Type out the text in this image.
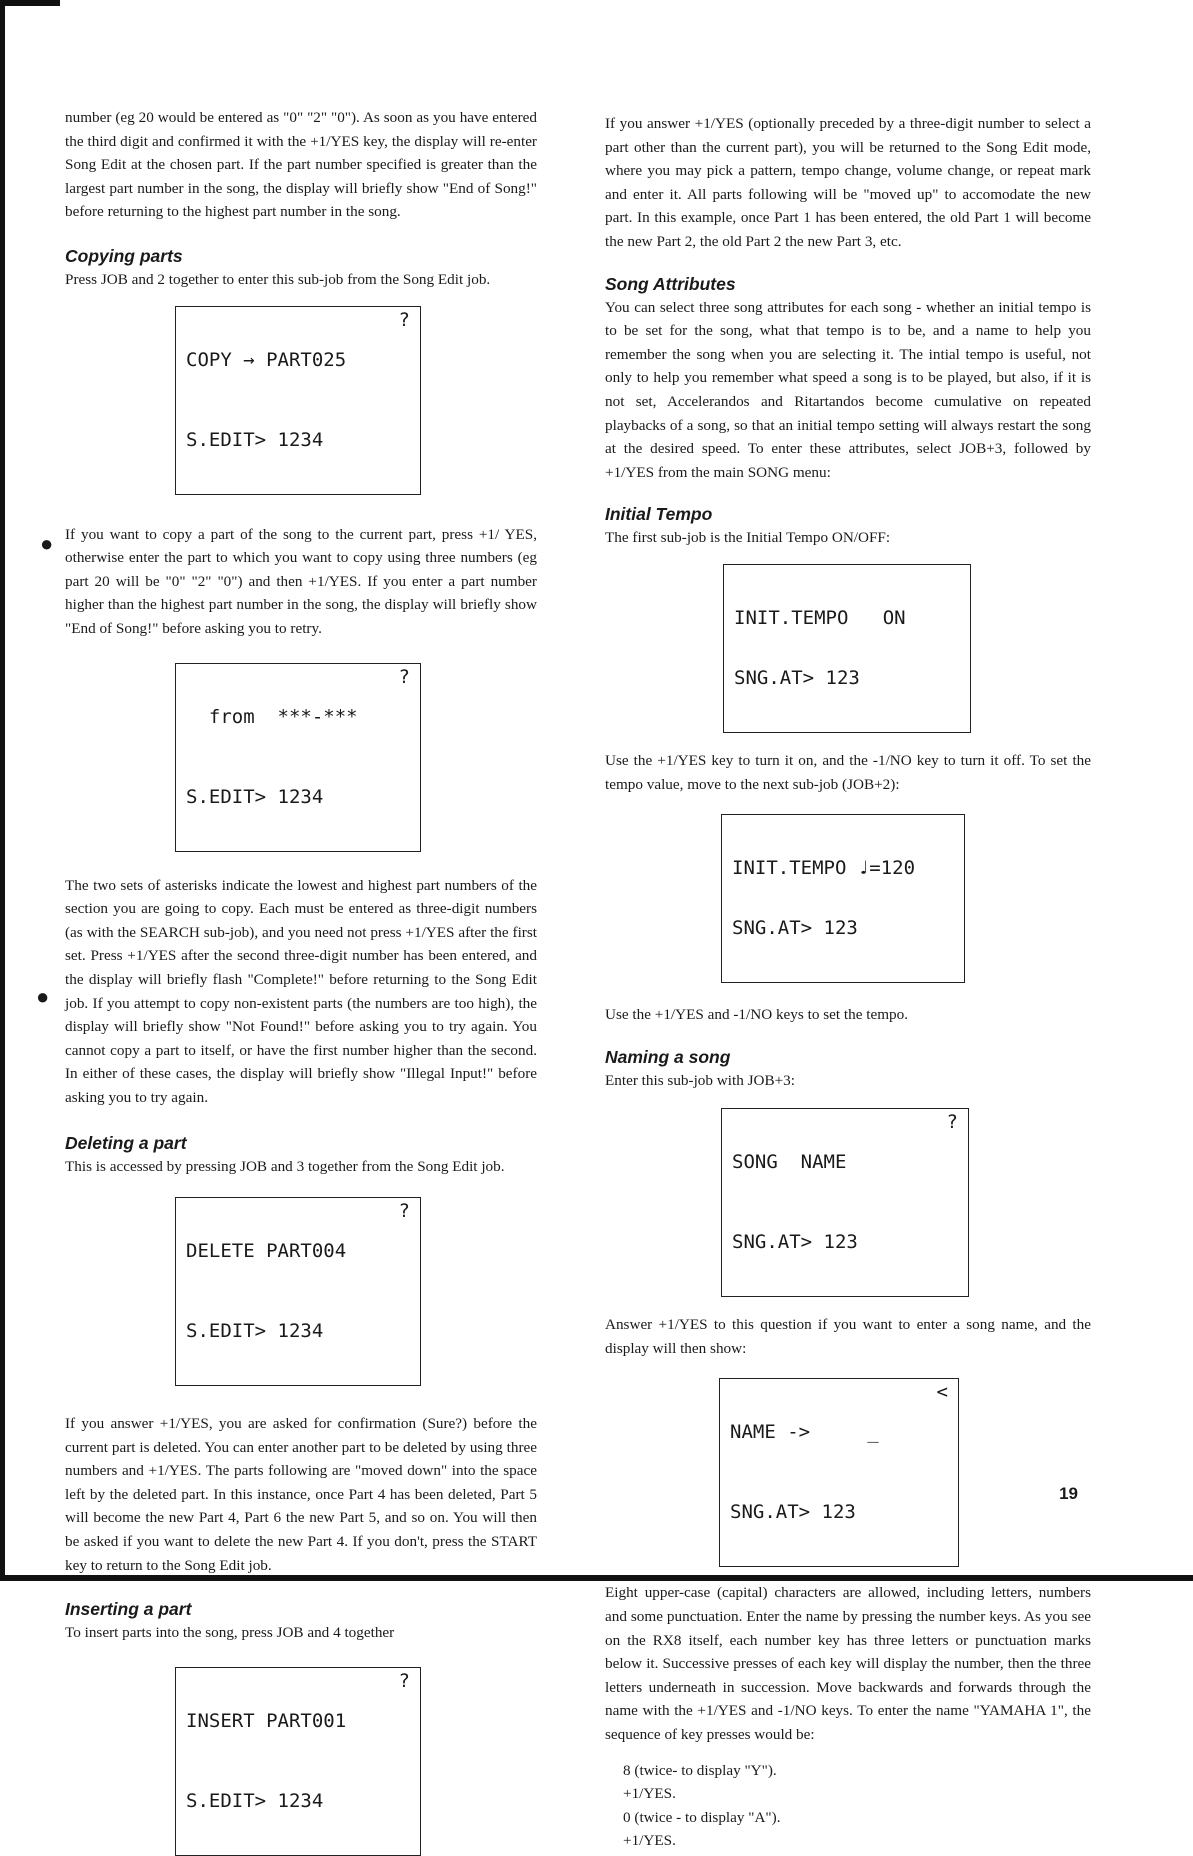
●
●

number (eg 20 would be entered as "0" "2" "0"). As soon as you have entered the third digit and confirmed it with the +1/YES key, the display will re-enter Song Edit at the chosen part. If the part number specified is greater than the largest part number in the song, the display will briefly show "End of Song!" before returning to the highest part number in the song.

Copying parts

Press JOB and 2 together to enter this sub-job from the Song Edit job.

COPY → PART025

?

S.EDIT> 1234

If you want to copy a part of the song to the current part, press +1/ YES, otherwise enter the part to which you want to copy using three numbers (eg part 20 will be "0" "2" "0") and then +1/YES. If you enter a part number higher than the highest part number in the song, the display will briefly show "End of Song!" before asking you to retry.

from  ***-***

?

S.EDIT> 1234

The two sets of asterisks indicate the lowest and highest part numbers of the section you are going to copy. Each must be entered as three-digit numbers (as with the SEARCH sub-job), and you need not press +1/YES after the first set. Press +1/YES after the second three-digit number has been entered, and the display will briefly flash "Complete!" before returning to the Song Edit job. If you attempt to copy non-existent parts (the numbers are too high), the display will briefly show "Not Found!" before asking you to try again. You cannot copy a part to itself, or have the first number higher than the second. In either of these cases, the display will briefly show "Illegal Input!" before asking you to try again.

Deleting a part

This is accessed by pressing JOB and 3 together from the Song Edit job.

DELETE PART004

?

S.EDIT> 1234

If you answer +1/YES, you are asked for confirmation (Sure?) before the current part is deleted. You can enter another part to be deleted by using three numbers and +1/YES. The parts following are "moved down" into the space left by the deleted part. In this instance, once Part 4 has been deleted, Part 5 will become the new Part 4, Part 6 the new Part 5, and so on. You will then be asked if you want to delete the new Part 4. If you don't, press the START key to return to the Song Edit job.

Inserting a part

To insert parts into the song, press JOB and 4 together

INSERT PART001

?

S.EDIT> 1234

If you answer +1/YES (optionally preceded by a three-digit number to select a part other than the current part), you will be returned to the Song Edit mode, where you may pick a pattern, tempo change, volume change, or repeat mark and enter it. All parts following will be "moved up" to accomodate the new part. In this example, once Part 1 has been entered, the old Part 1 will become the new Part 2, the old Part 2 the new Part 3, etc.

Song Attributes

You can select three song attributes for each song - whether an initial tempo is to be set for the song, what that tempo is to be, and a name to help you remember the song when you are selecting it. The intial tempo is useful, not only to help you remember what speed a song is to be played, but also, if it is not set, Accelerandos and Ritartandos become cumulative on repeated playbacks of a song, so that an initial tempo setting will always restart the song at the desired speed. To enter these attributes, select JOB+3, followed by +1/YES from the main SONG menu:

Initial Tempo

The first sub-job is the Initial Tempo ON/OFF:

INIT.TEMPO   ON

SNG.AT> 123

Use the +1/YES key to turn it on, and the -1/NO key to turn it off. To set the tempo value, move to the next sub-job (JOB+2):

INIT.TEMPO ♩=120

SNG.AT> 123

Use the +1/YES and -1/NO keys to set the tempo.

Naming a song

Enter this sub-job with JOB+3:

SONG  NAME

?

SNG.AT> 123

Answer +1/YES to this question if you want to enter a song name, and the display will then show:

NAME ->     _

<

SNG.AT> 123

Eight upper-case (capital) characters are allowed, including letters, numbers and some punctuation. Enter the name by pressing the number keys. As you see on the RX8 itself, each number key has three letters or punctuation marks below it. Successive presses of each key will display the number, then the three letters underneath in succession. Move backwards and forwards through the name with the +1/YES and -1/NO keys. To enter the name "YAMAHA 1", the sequence of key presses would be:

8 (twice- to display "Y").

+1/YES.

0 (twice - to display "A").

+1/YES.

19
